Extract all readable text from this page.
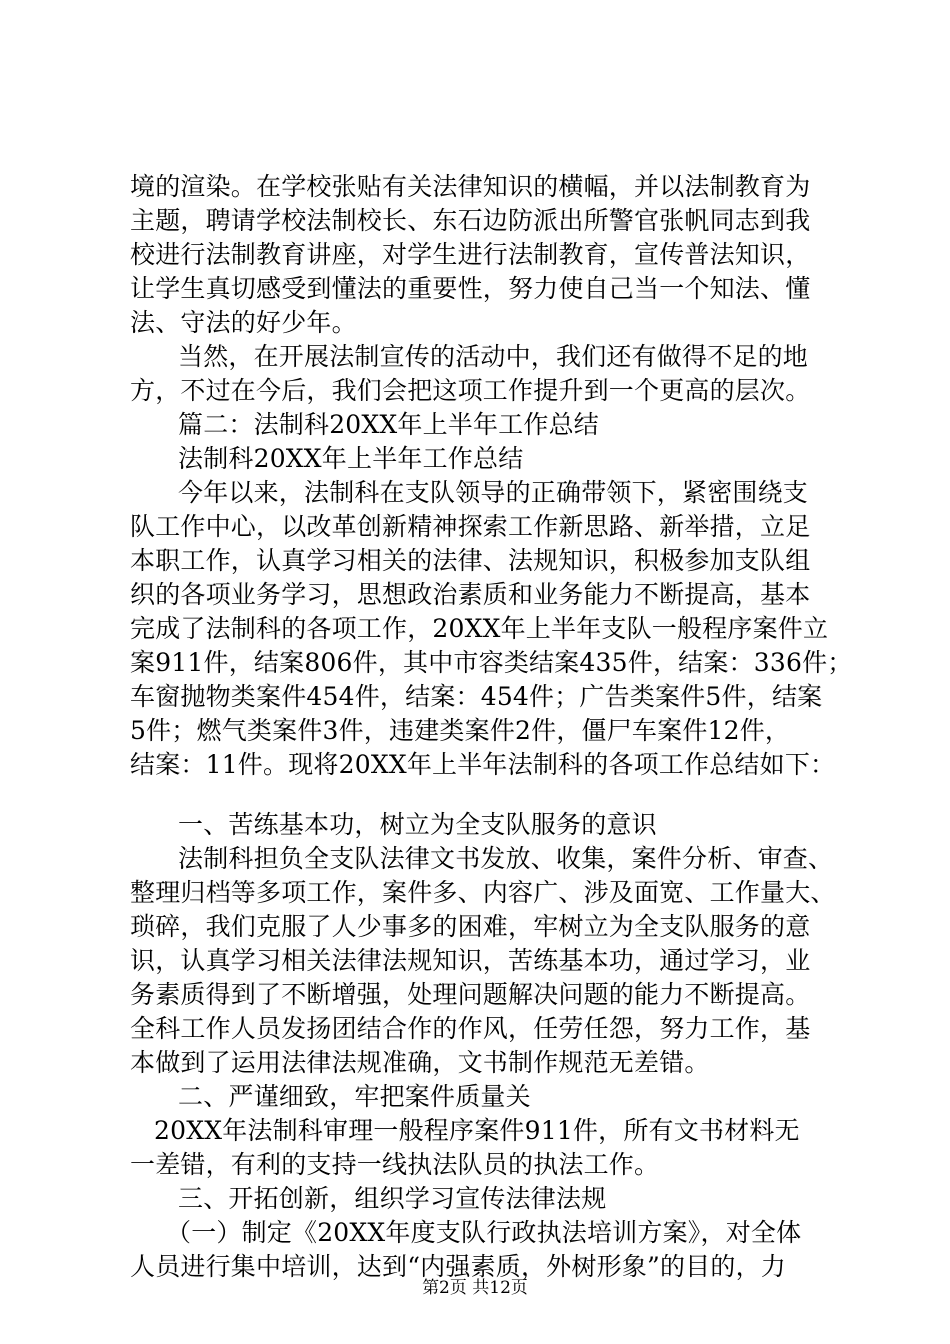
境的渲染。在学校张贴有关法律知识的横幅，并以法制教育为
主题，聘请学校法制校长、东石边防派出所警官张帆同志到我
校进行法制教育讲座，对学生进行法制教育，宣传普法知识，
让学生真切感受到懂法的重要性，努力使自己当一个知法、懂
法、守法的好少年。
当然，在开展法制宣传的活动中，我们还有做得不足的地
方，不过在今后，我们会把这项工作提升到一个更高的层次。
篇二：法制科20XX年上半年工作总结
法制科20XX年上半年工作总结
今年以来，法制科在支队领导的正确带领下，紧密围绕支
队工作中心，以改革创新精神探索工作新思路、新举措，立足
本职工作，认真学习相关的法律、法规知识，积极参加支队组
织的各项业务学习，思想政治素质和业务能力不断提高，基本
完成了法制科的各项工作，20XX年上半年支队一般程序案件立
案911件，结案806件，其中市容类结案435件，结案：336件；
车窗抛物类案件454件，结案：454件；广告类案件5件，结案
5件；燃气类案件3件，违建类案件2件，僵尸车案件12件，
结案：11件。现将20XX年上半年法制科的各项工作总结如下：
一、苦练基本功，树立为全支队服务的意识
法制科担负全支队法律文书发放、收集，案件分析、审查、
整理归档等多项工作，案件多、内容广、涉及面宽、工作量大、
琐碎，我们克服了人少事多的困难，牢树立为全支队服务的意
识，认真学习相关法律法规知识，苦练基本功，通过学习，业
务素质得到了不断增强，处理问题解决问题的能力不断提高。
全科工作人员发扬团结合作的作风，任劳任怨，努力工作，基
本做到了运用法律法规准确，文书制作规范无差错。
二、严谨细致，牢把案件质量关
20XX年法制科审理一般程序案件911件，所有文书材料无
一差错，有利的支持一线执法队员的执法工作。
三、开拓创新，组织学习宣传法律法规
（一）制定《20XX年度支队行政执法培训方案》，对全体
人员进行集中培训，达到“内强素质，外树形象”的目的，力
第2页 共12页
